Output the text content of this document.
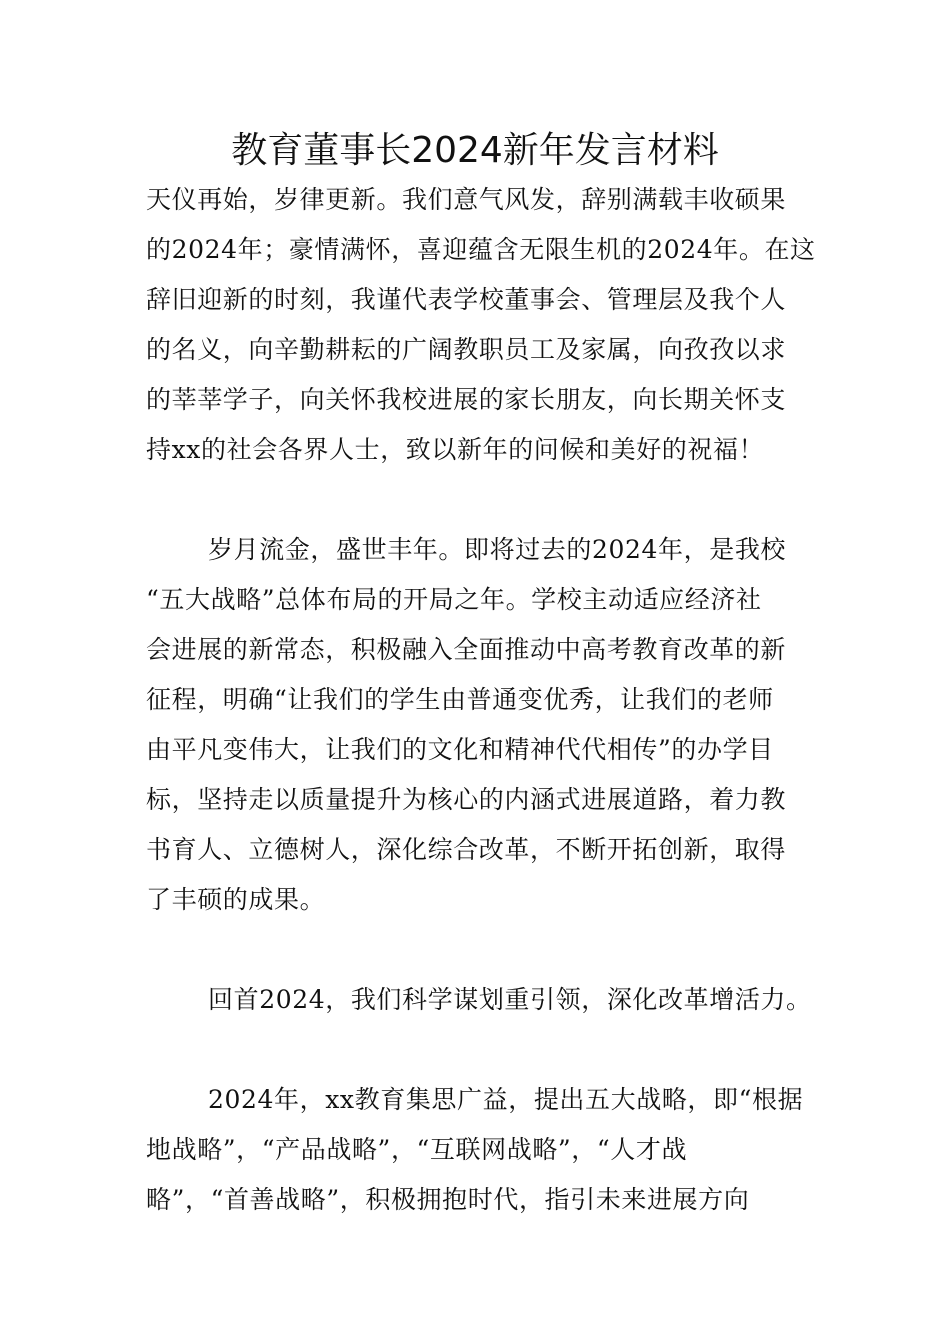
教育董事长2024新年发言材料
天仪再始，岁律更新。我们意气风发，辞别满载丰收硕果
的2024年；豪情满怀，喜迎蕴含无限生机的2024年。在这
辞旧迎新的时刻，我谨代表学校董事会、管理层及我个人
的名义，向辛勤耕耘的广阔教职员工及家属，向孜孜以求
的莘莘学子，向关怀我校进展的家长朋友，向长期关怀支
持xx的社会各界人士，致以新年的问候和美好的祝福！
岁月流金，盛世丰年。即将过去的2024年，是我校
“五大战略”总体布局的开局之年。学校主动适应经济社
会进展的新常态，积极融入全面推动中高考教育改革的新
征程，明确“让我们的学生由普通变优秀，让我们的老师
由平凡变伟大，让我们的文化和精神代代相传”的办学目
标，坚持走以质量提升为核心的内涵式进展道路，着力教
书育人、立德树人，深化综合改革，不断开拓创新，取得
了丰硕的成果。
回首2024，我们科学谋划重引领，深化改革增活力。
2024年，xx教育集思广益，提出五大战略，即“根据
地战略”，“产品战略”，“互联网战略”，“人才战
略”，“首善战略”，积极拥抱时代，指引未来进展方向
